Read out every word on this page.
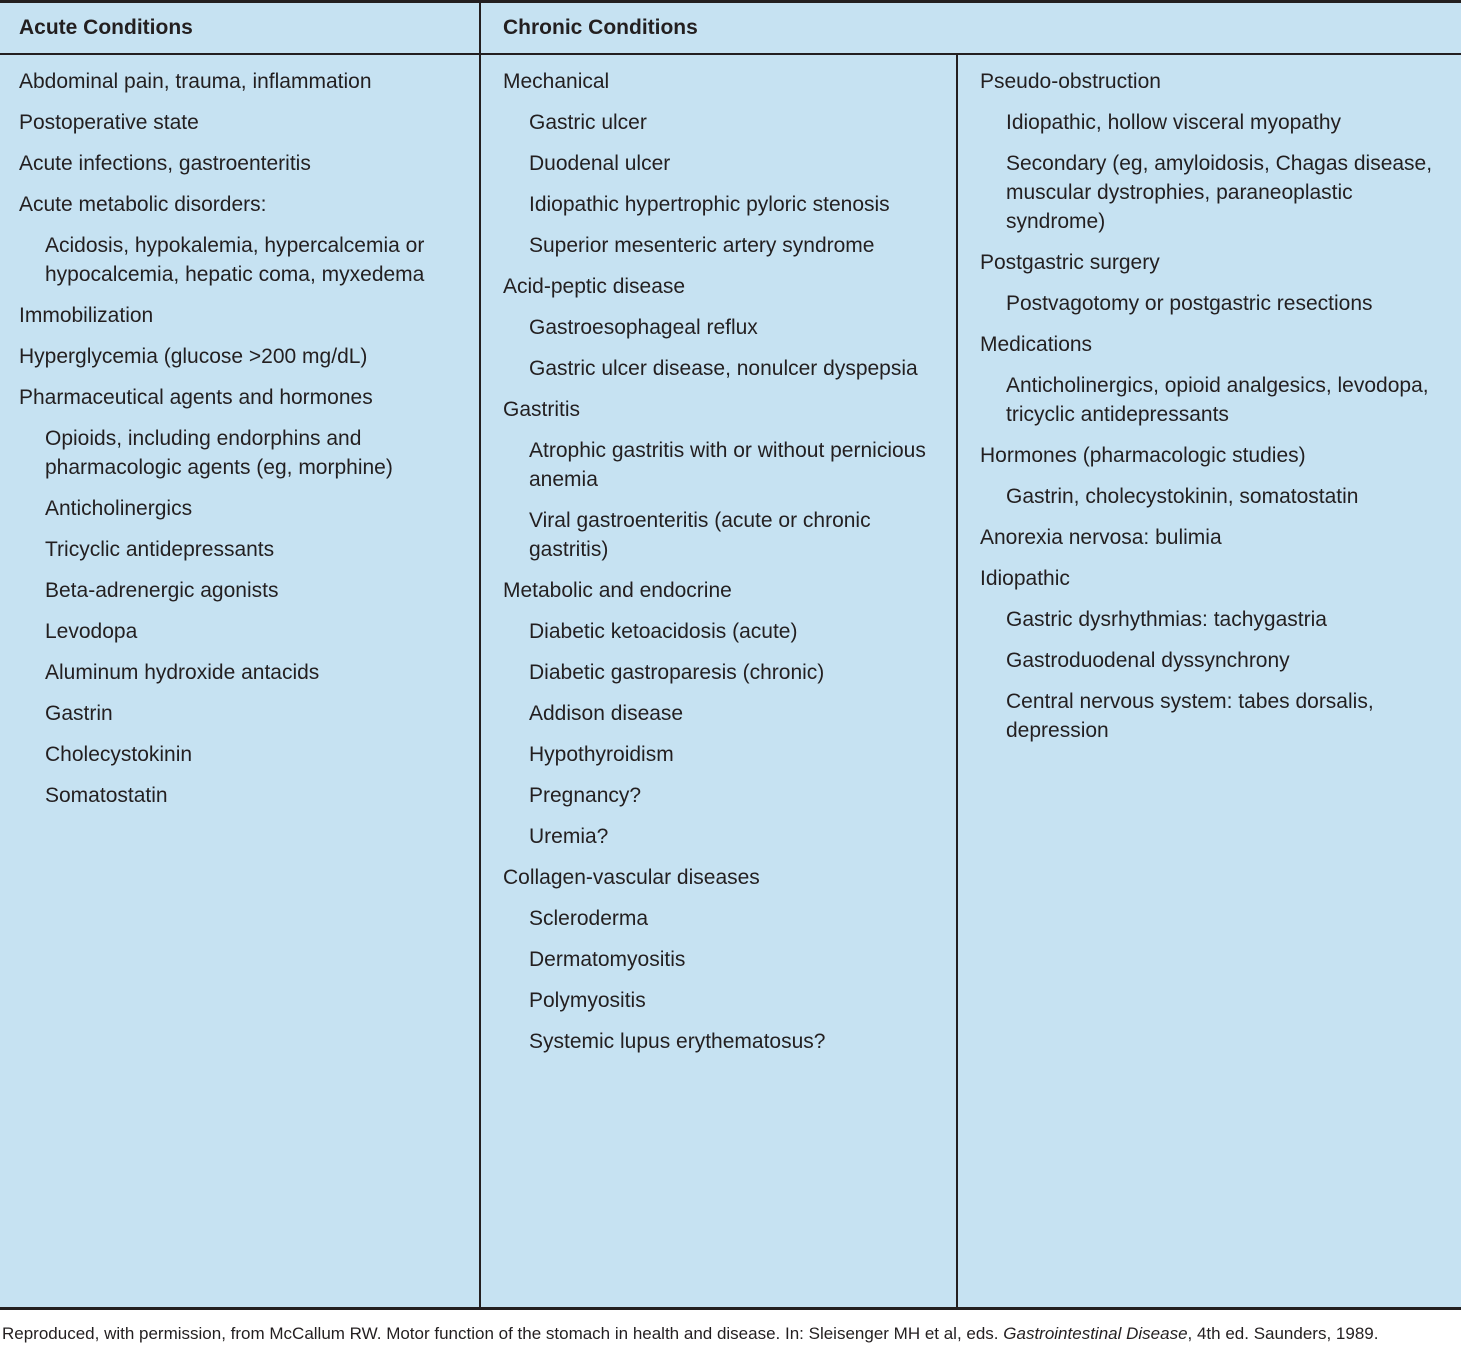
Acute Conditions	Chronic Conditions
Abdominal pain, trauma, inflammation
Postoperative state
Acute infections, gastroenteritis
Acute metabolic disorders:
Acidosis, hypokalemia, hypercalcemia or hypocalcemia, hepatic coma, myxedema
Immobilization
Hyperglycemia (glucose >200 mg/dL)
Pharmaceutical agents and hormones
Opioids, including endorphins and pharmacologic agents (eg, morphine)
Anticholinergics
Tricyclic antidepressants
Beta-adrenergic agonists
Levodopa
Aluminum hydroxide antacids
Gastrin
Cholecystokinin
Somatostatin
Mechanical
Gastric ulcer
Duodenal ulcer
Idiopathic hypertrophic pyloric stenosis
Superior mesenteric artery syndrome
Acid-peptic disease
Gastroesophageal reflux
Gastric ulcer disease, nonulcer dyspepsia
Gastritis
Atrophic gastritis with or without pernicious anemia
Viral gastroenteritis (acute or chronic gastritis)
Metabolic and endocrine
Diabetic ketoacidosis (acute)
Diabetic gastroparesis (chronic)
Addison disease
Hypothyroidism
Pregnancy?
Uremia?
Collagen-vascular diseases
Scleroderma
Dermatomyositis
Polymyositis
Systemic lupus erythematosus?
Pseudo-obstruction
Idiopathic, hollow visceral myopathy
Secondary (eg, amyloidosis, Chagas disease, muscular dystrophies, paraneoplastic syndrome)
Postgastric surgery
Postvagotomy or postgastric resections
Medications
Anticholinergics, opioid analgesics, levodopa, tricyclic antidepressants
Hormones (pharmacologic studies)
Gastrin, cholecystokinin, somatostatin
Anorexia nervosa: bulimia
Idiopathic
Gastric dysrhythmias: tachygastria
Gastroduodenal dyssynchrony
Central nervous system: tabes dorsalis, depression
Reproduced, with permission, from McCallum RW. Motor function of the stomach in health and disease. In: Sleisenger MH et al, eds. Gastrointestinal Disease, 4th ed. Saunders, 1989.
